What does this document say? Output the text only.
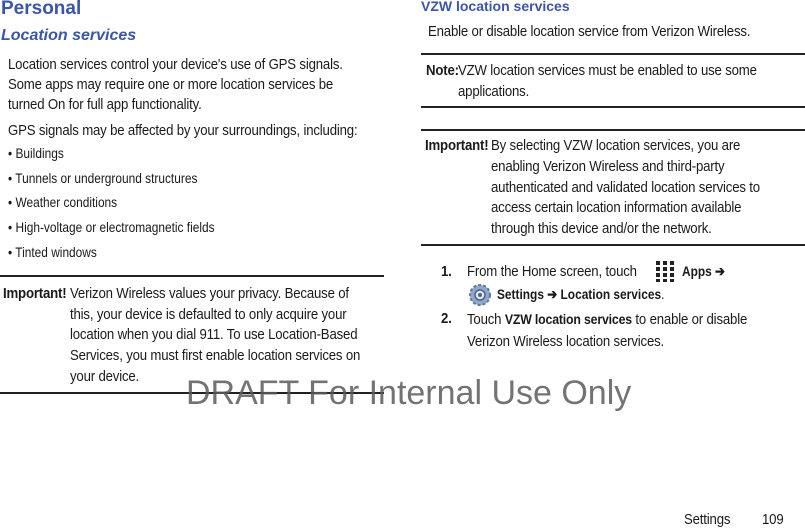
Personal
Location services
Location services control your device's use of GPS signals.
Some apps may require one or more location services be
turned On for full app functionality.
GPS signals may be affected by your surroundings, including:
• Buildings
• Tunnels or underground structures
• Weather conditions
• High-voltage or electromagnetic fields
• Tinted windows
Important! Verizon Wireless values your privacy. Because of
this, your device is defaulted to only acquire your
location when you dial 911. To use Location-Based
Services, you must first enable location services on
your device.
VZW location services
Enable or disable location service from Verizon Wireless.
Note: VZW location services must be enabled to use some
applications.
Important! By selecting VZW location services, you are
enabling Verizon Wireless and third-party
authenticated and validated location services to
access certain location information available
through this device and/or the network.
1. From the Home screen, touch	Apps ➔
Settings ➔ Location services.
2. Touch VZW location services to enable or disable
Verizon Wireless location services.
DRAFT For Internal Use Only
Settings 109
